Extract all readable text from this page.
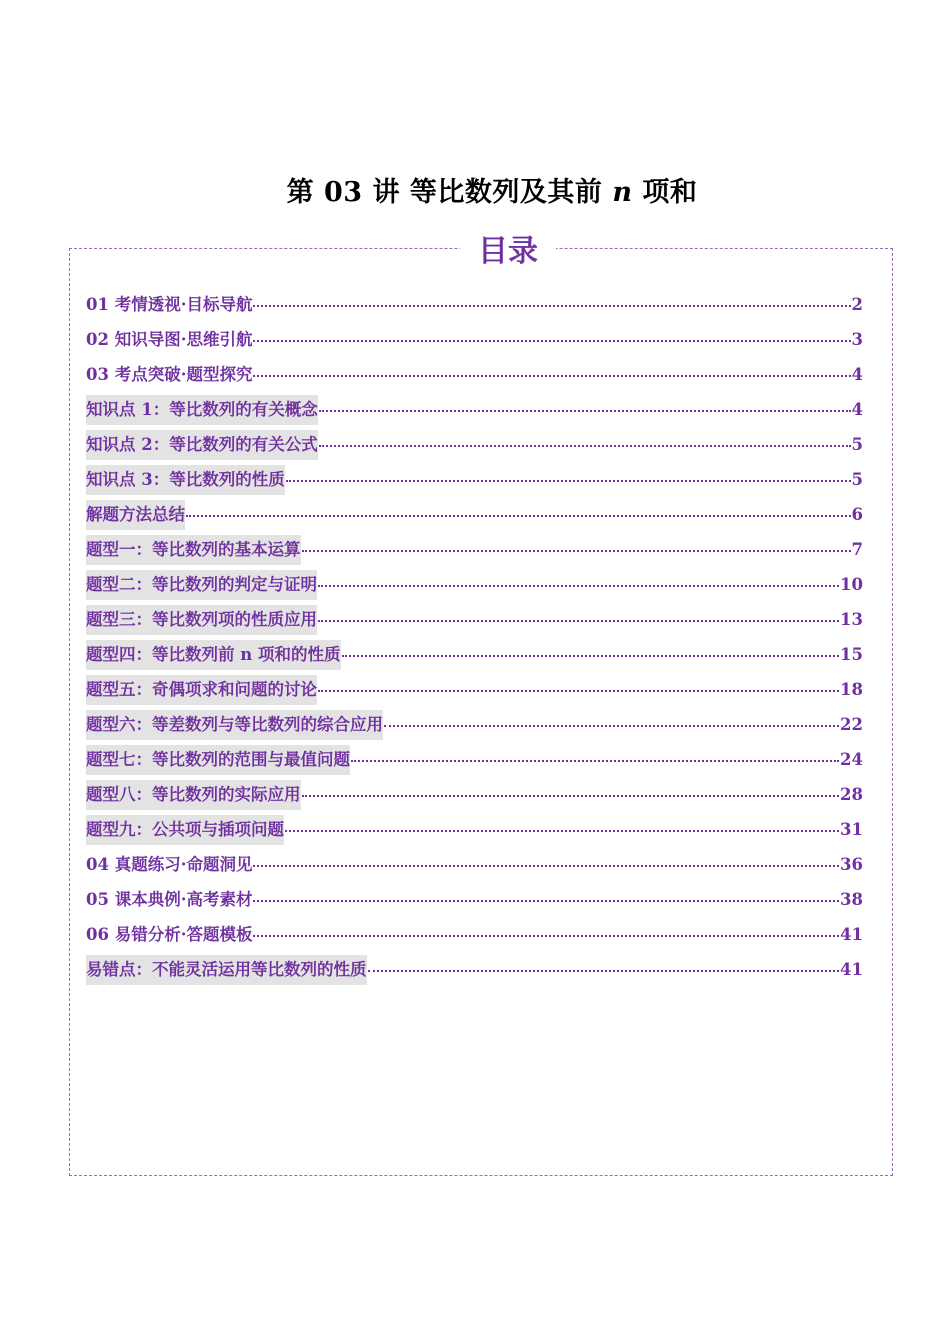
第 03 讲 等比数列及其前 n 项和
目录
01 考情透视·目标导航	2
02 知识导图·思维引航	3
03 考点突破·题型探究	4
知识点 1：等比数列的有关概念	4
知识点 2：等比数列的有关公式	5
知识点 3：等比数列的性质	5
解题方法总结	6
题型一：等比数列的基本运算	7
题型二：等比数列的判定与证明	10
题型三：等比数列项的性质应用	13
题型四：等比数列前 n 项和的性质	15
题型五：奇偶项求和问题的讨论	18
题型六：等差数列与等比数列的综合应用	22
题型七：等比数列的范围与最值问题	24
题型八：等比数列的实际应用	28
题型九：公共项与插项问题	31
04 真题练习·命题洞见	36
05 课本典例·高考素材	38
06 易错分析·答题模板	41
易错点：不能灵活运用等比数列的性质	41
